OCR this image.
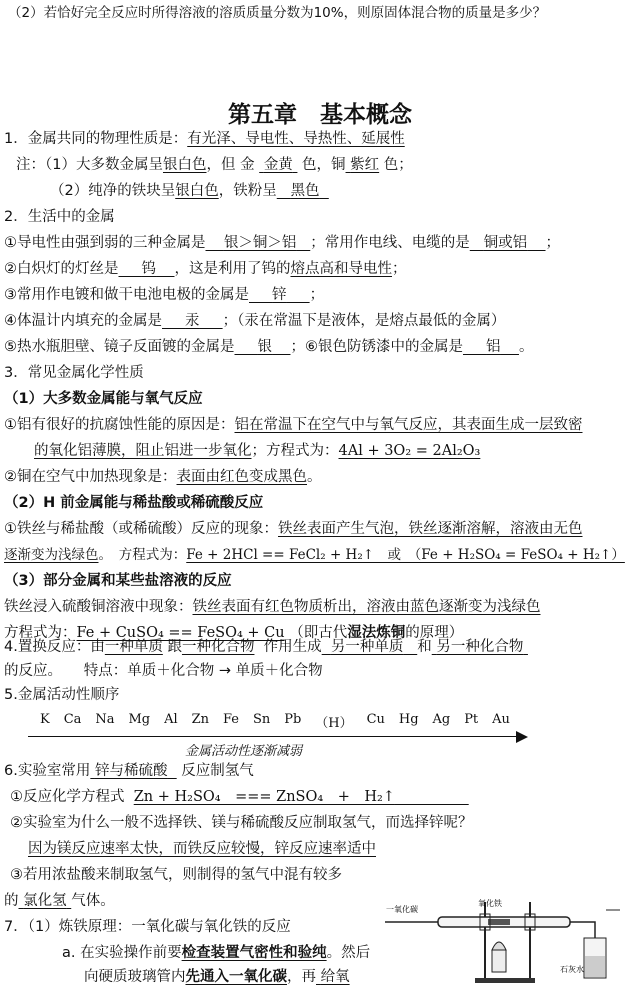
（2）若恰好完全反应时所得溶液的溶质质量分数为10%，则原固体混合物的质量是多少？
第五章　基本概念
1．金属共同的物理性质是：有光泽、导电性、导热性、延展性
注：（1）大多数金属呈银白色，但 金 金黄 色，铜 紫红 色；
（2）纯净的铁块呈银白色，铁粉呈 黑色
2．生活中的金属
①导电性由强到弱的三种金属是 银＞铜＞铝 ；常用作电线、电缆的是 铜或铝 ；
②白炽灯的灯丝是 钨 ，这是利用了钨的熔点高和导电性；
③常用作电镀和做干电池电极的金属是 锌 ；
④体温计内填充的金属是 汞 ；（汞在常温下是液体，是熔点最低的金属）
⑤热水瓶胆壁、镜子反面镀的金属是 银 ；⑥银色防锈漆中的金属是 铝 。
3．常见金属化学性质
（1）大多数金属能与氧气反应
①铝有很好的抗腐蚀性能的原因是：铝在常温下在空气中与氧气反应，其表面生成一层致密
的氧化铝薄膜，阻止铝进一步氧化；方程式为：4Al + 3O₂ = 2Al₂O₃
②铜在空气中加热现象是：表面由红色变成黑色。
（2）H 前金属能与稀盐酸或稀硫酸反应
①铁丝与稀盐酸（或稀硫酸）反应的现象：铁丝表面产生气泡，铁丝逐渐溶解，溶液由无色
逐渐变为浅绿色。　方程式为：Fe + 2HCl == FeCl₂ + H₂↑　或　（Fe + H₂SO₄ = FeSO₄ + H₂↑）
（3）部分金属和某些盐溶液的反应
铁丝浸入硫酸铜溶液中现象：铁丝表面有红色物质析出，溶液由蓝色逐渐变为浅绿色
方程式为：Fe + CuSO₄ == FeSO₄ + Cu （即古代湿法炼铜的原理）
4.置换反应：由一种单质 跟一种化合物 作用生成 另一种单质 和 另一种化合物
的反应。　　特点：单质＋化合物 → 单质＋化合物
5.金属活动性顺序
K Ca Na Mg Al Zn Fe Sn Pb （H） Cu Hg Ag Pt Au
金属活动性逐渐减弱
6.实验室常用 锌与稀硫酸 反应制氢气
①反应化学方程式 Zn + H₂SO₄　=== ZnSO₄　+　H₂↑
②实验室为什么一般不选择铁、镁与稀硫酸反应制取氢气，而选择锌呢？
因为镁反应速率太快，而铁反应较慢，锌反应速率适中
③若用浓盐酸来制取氢气，则制得的氢气中混有较多
的 氯化氢 气体。
7．（1）炼铁原理：一氧化碳与氧化铁的反应
a. 在实验操作前要检查装置气密性和验纯。然后
向硬质玻璃管内先通入一氧化碳，再 给氧
一氧化碳
氧化铁
石灰水
